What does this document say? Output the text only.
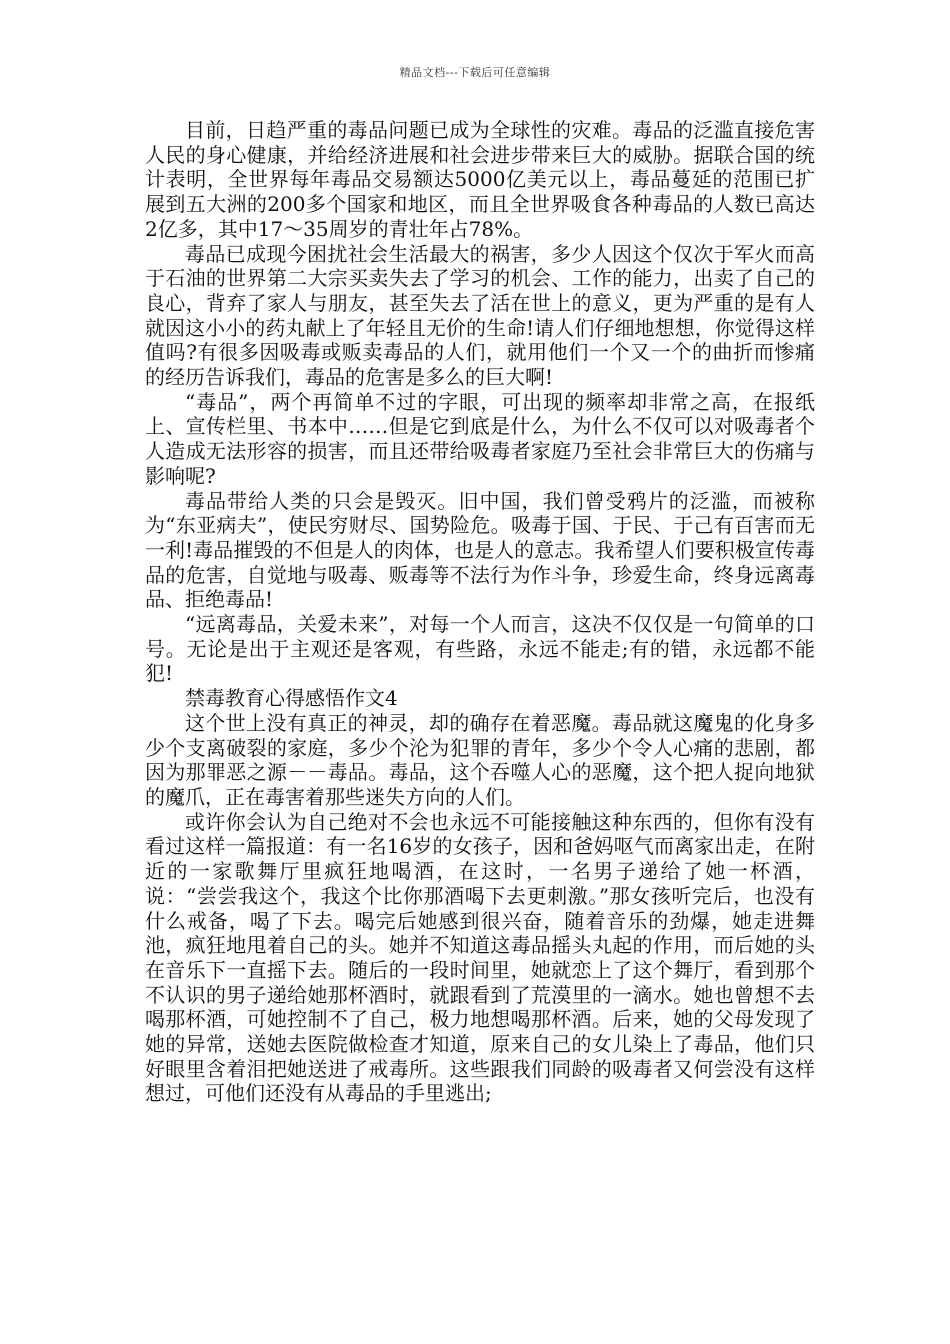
精品文档---下载后可任意编辑

目前，日趋严重的毒品问题已成为全球性的灾难。毒品的泛滥直接危害人民的身心健康，并给经济进展和社会进步带来巨大的威胁。据联合国的统计表明，全世界每年毒品交易额达5000亿美元以上，毒品蔓延的范围已扩展到五大洲的200多个国家和地区，而且全世界吸食各种毒品的人数已高达2亿多，其中17～35周岁的青壮年占78%。

毒品已成现今困扰社会生活最大的祸害，多少人因这个仅次于军火而高于石油的世界第二大宗买卖失去了学习的机会、工作的能力，出卖了自己的良心，背弃了家人与朋友，甚至失去了活在世上的意义，更为严重的是有人就因这小小的药丸献上了年轻且无价的生命!请人们仔细地想想，你觉得这样值吗?有很多因吸毒或贩卖毒品的人们，就用他们一个又一个的曲折而惨痛的经历告诉我们，毒品的危害是多么的巨大啊!

“毒品”，两个再简单不过的字眼，可出现的频率却非常之高，在报纸上、宣传栏里、书本中……但是它到底是什么，为什么不仅可以对吸毒者个人造成无法形容的损害，而且还带给吸毒者家庭乃至社会非常巨大的伤痛与影响呢?

毒品带给人类的只会是毁灭。旧中国，我们曾受鸦片的泛滥，而被称为“东亚病夫”，使民穷财尽、国势险危。吸毒于国、于民、于己有百害而无一利!毒品摧毁的不但是人的肉体，也是人的意志。我希望人们要积极宣传毒品的危害，自觉地与吸毒、贩毒等不法行为作斗争，珍爱生命，终身远离毒品、拒绝毒品!

“远离毒品，关爱未来”，对每一个人而言，这决不仅仅是一句简单的口号。无论是出于主观还是客观，有些路，永远不能走;有的错，永远都不能犯!

禁毒教育心得感悟作文4

这个世上没有真正的神灵，却的确存在着恶魔。毒品就这魔鬼的化身多少个支离破裂的家庭，多少个沦为犯罪的青年，多少个令人心痛的悲剧，都因为那罪恶之源－－毒品。毒品，这个吞噬人心的恶魔，这个把人捉向地狱的魔爪，正在毒害着那些迷失方向的人们。

或许你会认为自己绝对不会也永远不可能接触这种东西的，但你有没有看过这样一篇报道：有一名16岁的女孩子，因和爸妈呕气而离家出走，在附近的一家歌舞厅里疯狂地喝酒，在这时，一名男子递给了她一杯酒，说：“尝尝我这个，我这个比你那酒喝下去更刺激。”那女孩听完后，也没有什么戒备，喝了下去。喝完后她感到很兴奋，随着音乐的劲爆，她走进舞池，疯狂地甩着自己的头。她并不知道这毒品摇头丸起的作用，而后她的头在音乐下一直摇下去。随后的一段时间里，她就恋上了这个舞厅，看到那个不认识的男子递给她那杯酒时，就跟看到了荒漠里的一滴水。她也曾想不去喝那杯酒，可她控制不了自己，极力地想喝那杯酒。后来，她的父母发现了她的异常，送她去医院做检查才知道，原来自己的女儿染上了毒品，他们只好眼里含着泪把她送进了戒毒所。这些跟我们同龄的吸毒者又何尝没有这样想过，可他们还没有从毒品的手里逃出;
